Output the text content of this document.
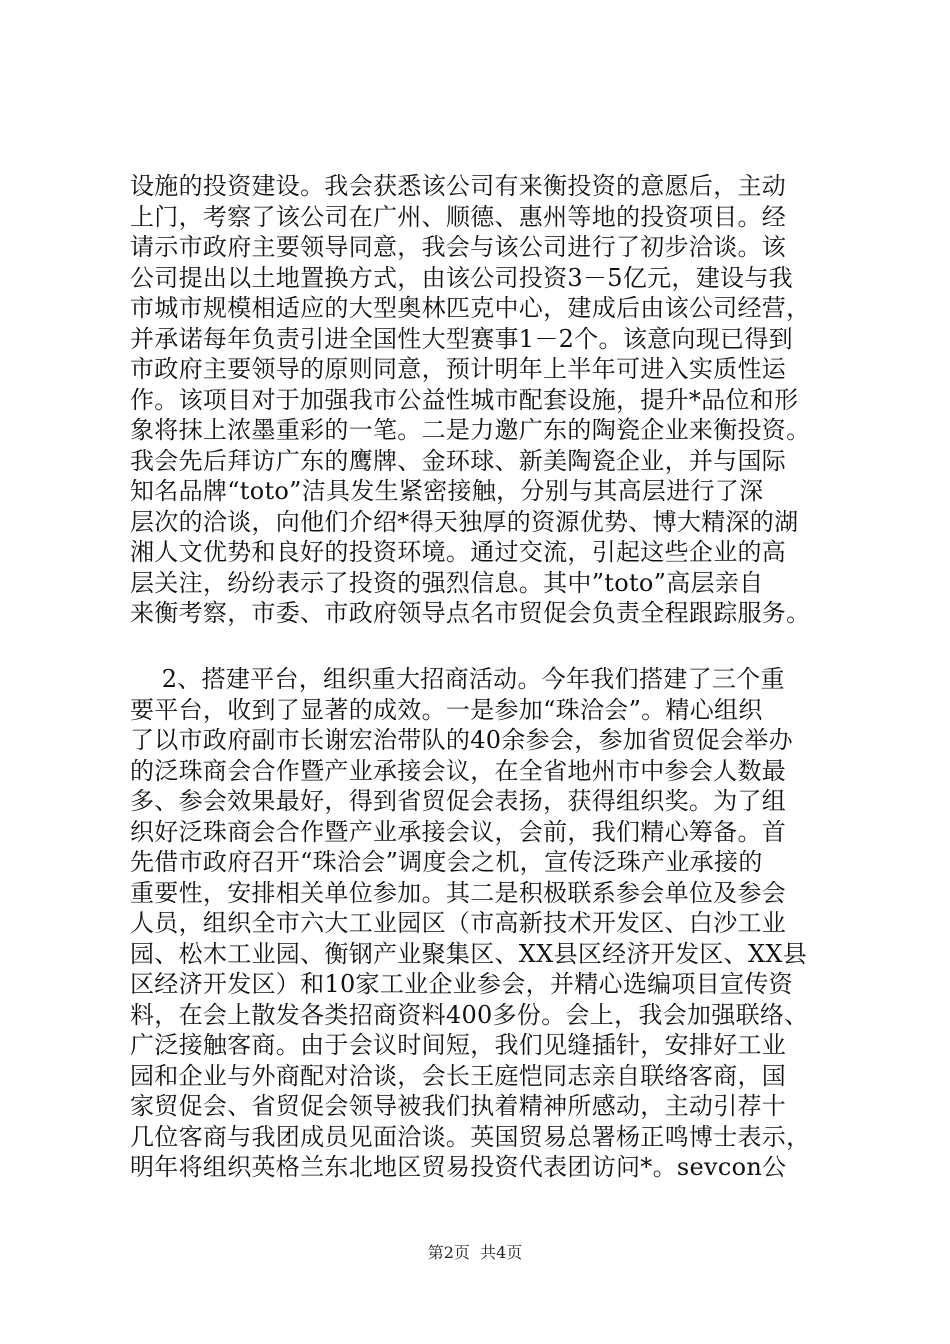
设施的投资建设。我会获悉该公司有来衡投资的意愿后，主动
上门，考察了该公司在广州、顺德、惠州等地的投资项目。经
请示市政府主要领导同意，我会与该公司进行了初步洽谈。该
公司提出以土地置换方式，由该公司投资3－5亿元，建设与我
市城市规模相适应的大型奥林匹克中心，建成后由该公司经营，
并承诺每年负责引进全国性大型赛事1－2个。该意向现已得到
市政府主要领导的原则同意，预计明年上半年可进入实质性运
作。该项目对于加强我市公益性城市配套设施，提升*品位和形
象将抹上浓墨重彩的一笔。二是力邀广东的陶瓷企业来衡投资。
我会先后拜访广东的鹰牌、金环球、新美陶瓷企业，并与国际
知名品牌“toto”洁具发生紧密接触，分别与其高层进行了深
层次的洽谈，向他们介绍*得天独厚的资源优势、博大精深的湖
湘人文优势和良好的投资环境。通过交流，引起这些企业的高
层关注，纷纷表示了投资的强烈信息。其中”toto”高层亲自
来衡考察，市委、市政府领导点名市贸促会负责全程跟踪服务。
2、搭建平台，组织重大招商活动。今年我们搭建了三个重
要平台，收到了显著的成效。一是参加“珠洽会”。精心组织
了以市政府副市长谢宏治带队的40余参会，参加省贸促会举办
的泛珠商会合作暨产业承接会议，在全省地州市中参会人数最
多、参会效果最好，得到省贸促会表扬，获得组织奖。为了组
织好泛珠商会合作暨产业承接会议，会前，我们精心筹备。首
先借市政府召开“珠洽会”调度会之机，宣传泛珠产业承接的
重要性，安排相关单位参加。其二是积极联系参会单位及参会
人员，组织全市六大工业园区（市高新技术开发区、白沙工业
园、松木工业园、衡钢产业聚集区、XX县区经济开发区、XX县
区经济开发区）和10家工业企业参会，并精心选编项目宣传资
料，在会上散发各类招商资料400多份。会上，我会加强联络、
广泛接触客商。由于会议时间短，我们见缝插针，安排好工业
园和企业与外商配对洽谈，会长王庭恺同志亲自联络客商，国
家贸促会、省贸促会领导被我们执着精神所感动，主动引荐十
几位客商与我团成员见面洽谈。英国贸易总署杨正鸣博士表示，
明年将组织英格兰东北地区贸易投资代表团访问*。sevcon公
第2页  共4页
